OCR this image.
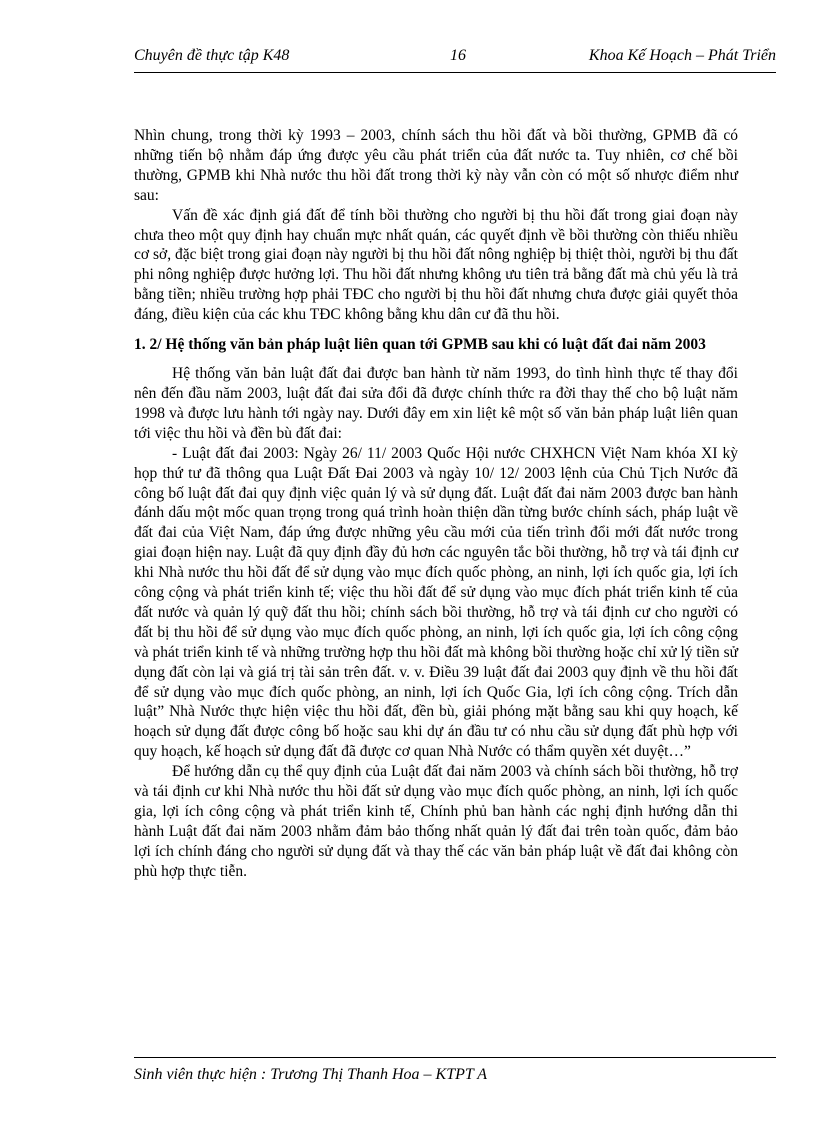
Chuyên đề thực tập K48	16	Khoa Kế Hoạch – Phát Triển

Nhìn chung, trong thời kỳ 1993 – 2003, chính sách thu hồi đất và bồi thường, GPMB đã có những tiến bộ nhằm đáp ứng được yêu cầu phát triển của đất nước ta. Tuy nhiên, cơ chế bồi thường, GPMB khi Nhà nước thu hồi đất trong thời kỳ này vẫn còn có một số nhược điểm như sau:

Vấn đề xác định giá đất để tính bồi thường cho người bị thu hồi đất trong giai đoạn này chưa theo một quy định hay chuẩn mực nhất quán, các quyết định về bồi thường còn thiếu nhiều cơ sở, đặc biệt trong giai đoạn này người bị thu hồi đất nông nghiệp bị thiệt thòi, người bị thu đất phi nông nghiệp được hưởng lợi. Thu hồi đất nhưng không ưu tiên trả bằng đất mà chủ yếu là trả bằng tiền; nhiều trường hợp phải TĐC cho người bị thu hồi đất nhưng chưa được giải quyết thỏa đáng, điều kiện của các khu TĐC không bằng khu dân cư đã thu hồi.

1. 2/ Hệ thống văn bản pháp luật liên quan tới GPMB sau khi có luật đất đai năm 2003

Hệ thống văn bản luật đất đai được ban hành từ năm 1993, do tình hình thực tế thay đổi nên đến đầu năm 2003, luật đất đai sửa đổi đã được chính thức ra đời thay thế cho bộ luật năm 1998 và được lưu hành tới ngày nay. Dưới đây em xin liệt kê một số văn bản pháp luật liên quan tới việc thu hồi và đền bù đất đai:

- Luật đất đai 2003: Ngày 26/ 11/ 2003 Quốc Hội nước CHXHCN Việt Nam khóa XI kỳ họp thứ tư đã thông qua Luật Đất Đai 2003 và ngày 10/ 12/ 2003 lệnh của Chủ Tịch Nước đã công bố luật đất đai quy định việc quản lý và sử dụng đất. Luật đất đai năm 2003 được ban hành đánh dấu một mốc quan trọng trong quá trình hoàn thiện dần từng bước chính sách, pháp luật về đất đai của Việt Nam, đáp ứng được những yêu cầu mới của tiến trình đổi mới đất nước trong giai đoạn hiện nay. Luật đã quy định đầy đủ hơn các nguyên tắc bồi thường, hỗ trợ và tái định cư khi Nhà nước thu hồi đất để sử dụng vào mục đích quốc phòng, an ninh, lợi ích quốc gia, lợi ích công cộng và phát triển kinh tế; việc thu hồi đất để sử dụng vào mục đích phát triển kinh tế của đất nước và quản lý quỹ đất thu hồi; chính sách bồi thường, hỗ trợ và tái định cư cho người có đất bị thu hồi để sử dụng vào mục đích quốc phòng, an ninh, lợi ích quốc gia, lợi ích công cộng và phát triển kinh tế và những trường hợp thu hồi đất mà không bồi thường hoặc chỉ xử lý tiền sử dụng đất còn lại và giá trị tài sản trên đất. v. v. Điều 39 luật đất đai 2003 quy định về thu hồi đất để sử dụng vào mục đích quốc phòng, an ninh, lợi ích Quốc Gia, lợi ích công cộng. Trích dẫn luật” Nhà Nước thực hiện việc thu hồi đất, đền bù, giải phóng mặt bằng sau khi quy hoạch, kế hoạch sử dụng đất được công bố hoặc sau khi dự án đầu tư có nhu cầu sử dụng đất phù hợp với quy hoạch, kế hoạch sử dụng đất đã được cơ quan Nhà Nước có thẩm quyền xét duyệt…”

Để hướng dẫn cụ thể quy định của Luật đất đai năm 2003 và chính sách bồi thường, hỗ trợ và tái định cư khi Nhà nước thu hồi đất sử dụng vào mục đích quốc phòng, an ninh, lợi ích quốc gia, lợi ích công cộng và phát triển kinh tế, Chính phủ ban hành các nghị định hướng dẫn thi hành Luật đất đai năm 2003 nhằm đảm bảo thống nhất quản lý đất đai trên toàn quốc, đảm bảo lợi ích chính đáng cho người sử dụng đất và thay thế các văn bản pháp luật về đất đai không còn phù hợp thực tiễn.

Sinh viên thực hiện : Trương Thị Thanh Hoa – KTPT A
